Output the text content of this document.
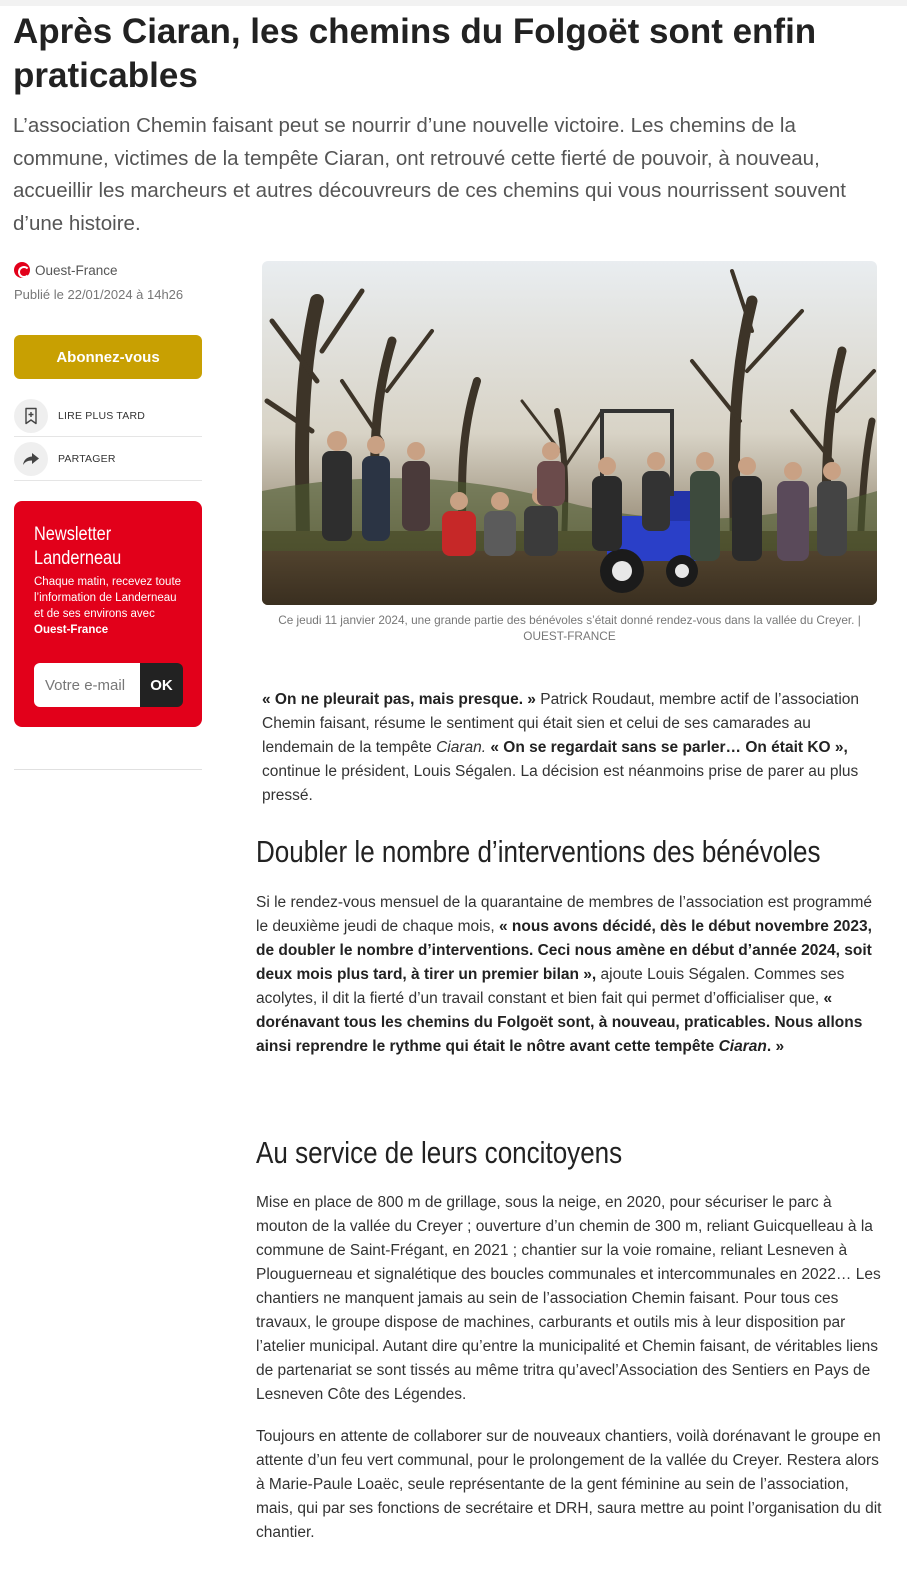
Après Ciaran, les chemins du Folgoët sont enfin praticables

L’association Chemin faisant peut se nourrir d’une nouvelle victoire. Les chemins de la commune, victimes de la tempête Ciaran, ont retrouvé cette fierté de pouvoir, à nouveau, accueillir les marcheurs et autres découvreurs de ces chemins qui vous nourrissent souvent d’une histoire.

Ouest-France
Publié le 22/01/2024 à 14h26
Abonnez-vous
LIRE PLUS TARD
PARTAGER
Newsletter Landerneau
Chaque matin, recevez toute l’information de Landerneau et de ses environs avec Ouest-France
Votre e-mail	OK
Ce jeudi 11 janvier 2024, une grande partie des bénévoles s’était donné rendez-vous dans la vallée du Creyer. | OUEST-FRANCE

« On ne pleurait pas, mais presque. » Patrick Roudaut, membre actif de l’association Chemin faisant, résume le sentiment qui était sien et celui de ses camarades au lendemain de la tempête Ciaran. « On se regardait sans se parler… On était KO », continue le président, Louis Ségalen. La décision est néanmoins prise de parer au plus pressé.

Doubler le nombre d’interventions des bénévoles

Si le rendez-vous mensuel de la quarantaine de membres de l’association est programmé le deuxième jeudi de chaque mois, « nous avons décidé, dès le début novembre 2023, de doubler le nombre d’interventions. Ceci nous amène en début d’année 2024, soit deux mois plus tard, à tirer un premier bilan », ajoute Louis Ségalen. Commes ses acolytes, il dit la fierté d’un travail constant et bien fait qui permet d’officialiser que, « dorénavant tous les chemins du Folgoët sont, à nouveau, praticables. Nous allons ainsi reprendre le rythme qui était le nôtre avant cette tempête Ciaran. »

Au service de leurs concitoyens

Mise en place de 800 m de grillage, sous la neige, en 2020, pour sécuriser le parc à mouton de la vallée du Creyer ; ouverture d’un chemin de 300 m, reliant Guicquelleau à la commune de Saint-Frégant, en 2021 ; chantier sur la voie romaine, reliant Lesneven à Plouguerneau et signalétique des boucles communales et intercommunales en 2022… Les chantiers ne manquent jamais au sein de l’association Chemin faisant. Pour tous ces travaux, le groupe dispose de machines, carburants et outils mis à leur disposition par l’atelier municipal. Autant dire qu’entre la municipalité et Chemin faisant, de véritables liens de partenariat se sont tissés au même tritra qu’avecl’Association des Sentiers en Pays de Lesneven Côte des Légendes.

Toujours en attente de collaborer sur de nouveaux chantiers, voilà dorénavant le groupe en attente d’un feu vert communal, pour le prolongement de la vallée du Creyer. Restera alors à Marie-Paule Loaëc, seule représentante de la gent féminine au sein de l’association, mais, qui par ses fonctions de secrétaire et DRH, saura mettre au point l’organisation du dit chantier.
